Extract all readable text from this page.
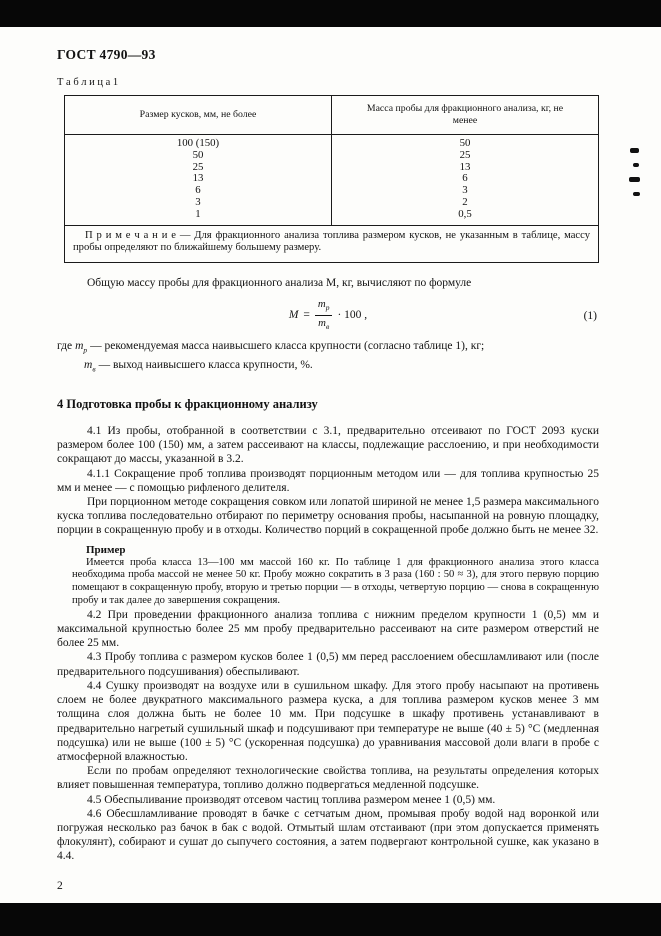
ГОСТ 4790—93
Т а б л и ц а 1
Размер кусков, мм, не более	Масса пробы для фракционного анализа, кг, не менее
100 (150)	50
50	25
25	13
13	6
6	3
3	2
1	0,5

П р и м е ч а н и е — Для фракционного анализа топлива размером кусков, не указанным в таблице, массу пробы определяют по ближайшему большему размеру.	

Общую массу пробы для фракционного анализа М, кг, вычисляют по формуле

$М = \frac{m_р}{m_в} \cdot 100$ ,	(1)

где $m_р$ — рекомендуемая масса наивысшего класса крупности (согласно таблице 1), кг;

$m_в$ — выход наивысшего класса крупности, %.

4 Подготовка пробы к фракционному анализу

4.1 Из пробы, отобранной в соответствии с 3.1, предварительно отсеивают по ГОСТ 2093 куски размером более 100 (150) мм, а затем рассеивают на классы, подлежащие расслоению, и при необходимости сокращают до массы, указанной в 3.2.

4.1.1 Сокращение проб топлива производят порционным методом или — для топлива крупностью 25 мм и менее — с помощью рифленого делителя.

При порционном методе сокращения совком или лопатой шириной не менее 1,5 размера максимального куска топлива последовательно отбирают по периметру основания пробы, насыпанной на ровную площадку, порции в сокращенную пробу и в отходы. Количество порций в сокращенной пробе должно быть не менее 32.

Пример

Имеется проба класса 13—100 мм массой 160 кг. По таблице 1 для фракционного анализа этого класса необходима проба массой не менее 50 кг. Пробу можно сократить в 3 раза (160 : 50 ≈ 3), для этого первую порцию помещают в сокращенную пробу, вторую и третью порции — в отходы, четвертую порцию — снова в сокращенную пробу и так далее до завершения сокращения.

4.2 При проведении фракционного анализа топлива с нижним пределом крупности 1 (0,5) мм и максимальной крупностью более 25 мм пробу предварительно рассеивают на сите размером отверстий не более 25 мм.

4.3 Пробу топлива с размером кусков более 1 (0,5) мм перед расслоением обесшламливают или (после предварительного подсушивания) обеспыливают.

4.4 Сушку производят на воздухе или в сушильном шкафу. Для этого пробу насыпают на противень слоем не более двукратного максимального размера куска, а для топлива размером кусков менее 3 мм толщина слоя должна быть не более 10 мм. При подсушке в шкафу противень устанавливают в предварительно нагретый сушильный шкаф и подсушивают при температуре не выше (40 ± 5) °С (медленная подсушка) или не выше (100 ± 5) °С (ускоренная подсушка) до уравнивания массовой доли влаги в пробе с атмосферной влажностью.

Если по пробам определяют технологические свойства топлива, на результаты определения которых влияет повышенная температура, топливо должно подвергаться медленной подсушке.

4.5 Обеспыливание производят отсевом частиц топлива размером менее 1 (0,5) мм.

4.6 Обесшламливание проводят в бачке с сетчатым дном, промывая пробу водой над воронкой или погружая несколько раз бачок в бак с водой. Отмытый шлам отстаивают (при этом допускается применять флокулянт), собирают и сушат до сыпучего состояния, а затем подвергают контрольной сушке, как указано в 4.4.

2
